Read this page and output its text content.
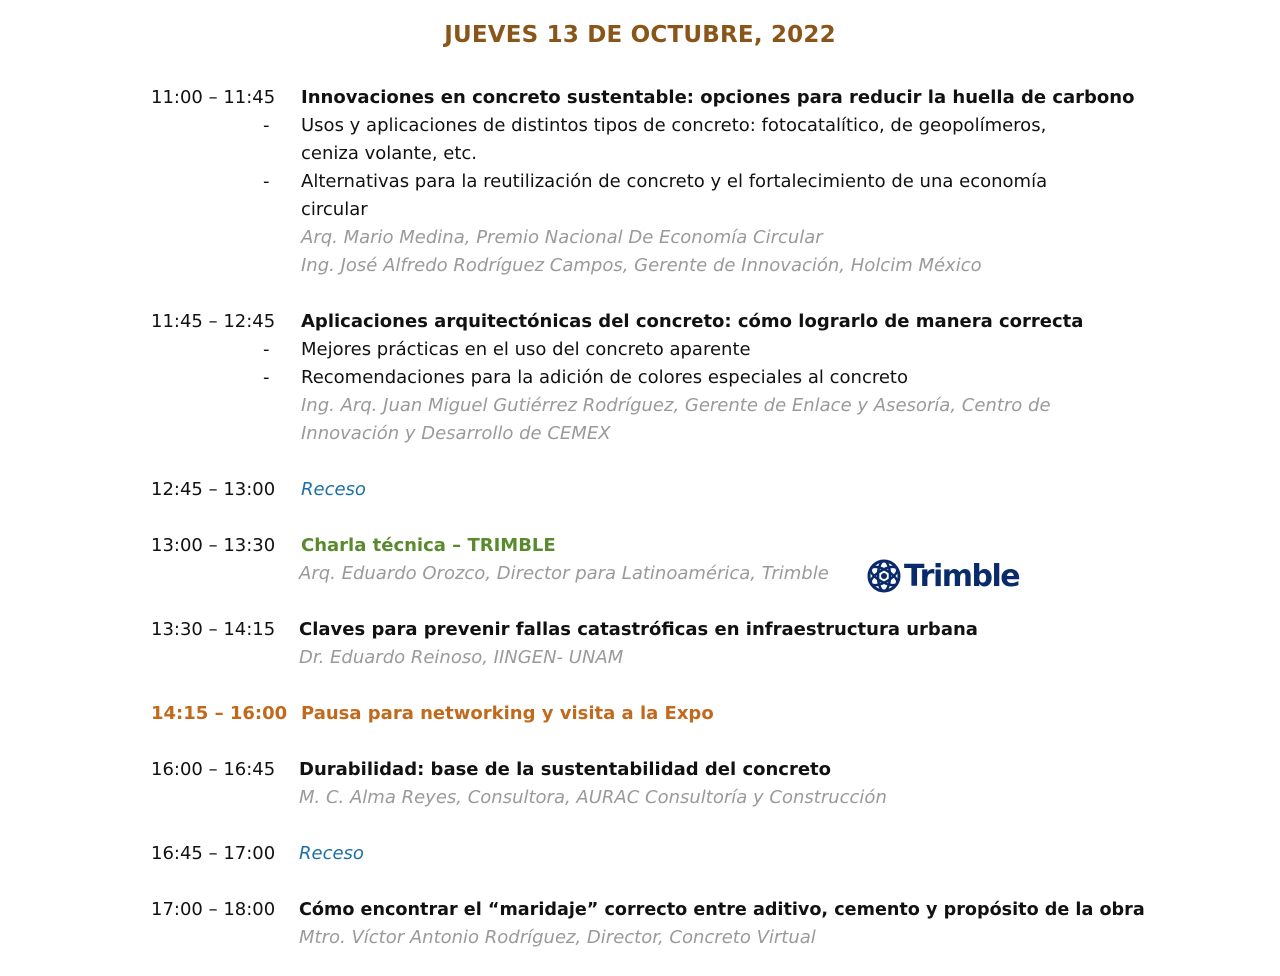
JUEVES 13 DE OCTUBRE, 2022
11:00 – 11:45 Innovaciones en concreto sustentable: opciones para reducir la huella de carbono
- Usos y aplicaciones de distintos tipos de concreto: fotocatalítico, de geopolímeros,
ceniza volante, etc.
- Alternativas para la reutilización de concreto y el fortalecimiento de una economía
circular
Arq. Mario Medina, Premio Nacional De Economía Circular
Ing. José Alfredo Rodríguez Campos, Gerente de Innovación, Holcim México
11:45 – 12:45 Aplicaciones arquitectónicas del concreto: cómo lograrlo de manera correcta
- Mejores prácticas en el uso del concreto aparente
- Recomendaciones para la adición de colores especiales al concreto
Ing. Arq. Juan Miguel Gutiérrez Rodríguez, Gerente de Enlace y Asesoría, Centro de
Innovación y Desarrollo de CEMEX
12:45 – 13:00 Receso
13:00 – 13:30 Charla técnica – TRIMBLE
Arq. Eduardo Orozco, Director para Latinoamérica, Trimble	Trimble
13:30 – 14:15 Claves para prevenir fallas catastróficas en infraestructura urbana
Dr. Eduardo Reinoso, IINGEN- UNAM
14:15 – 16:00 Pausa para networking y visita a la Expo
16:00 – 16:45 Durabilidad: base de la sustentabilidad del concreto
M. C. Alma Reyes, Consultora, AURAC Consultoría y Construcción
16:45 – 17:00 Receso
17:00 – 18:00 Cómo encontrar el “maridaje” correcto entre aditivo, cemento y propósito de la obra
Mtro. Víctor Antonio Rodríguez, Director, Concreto Virtual
